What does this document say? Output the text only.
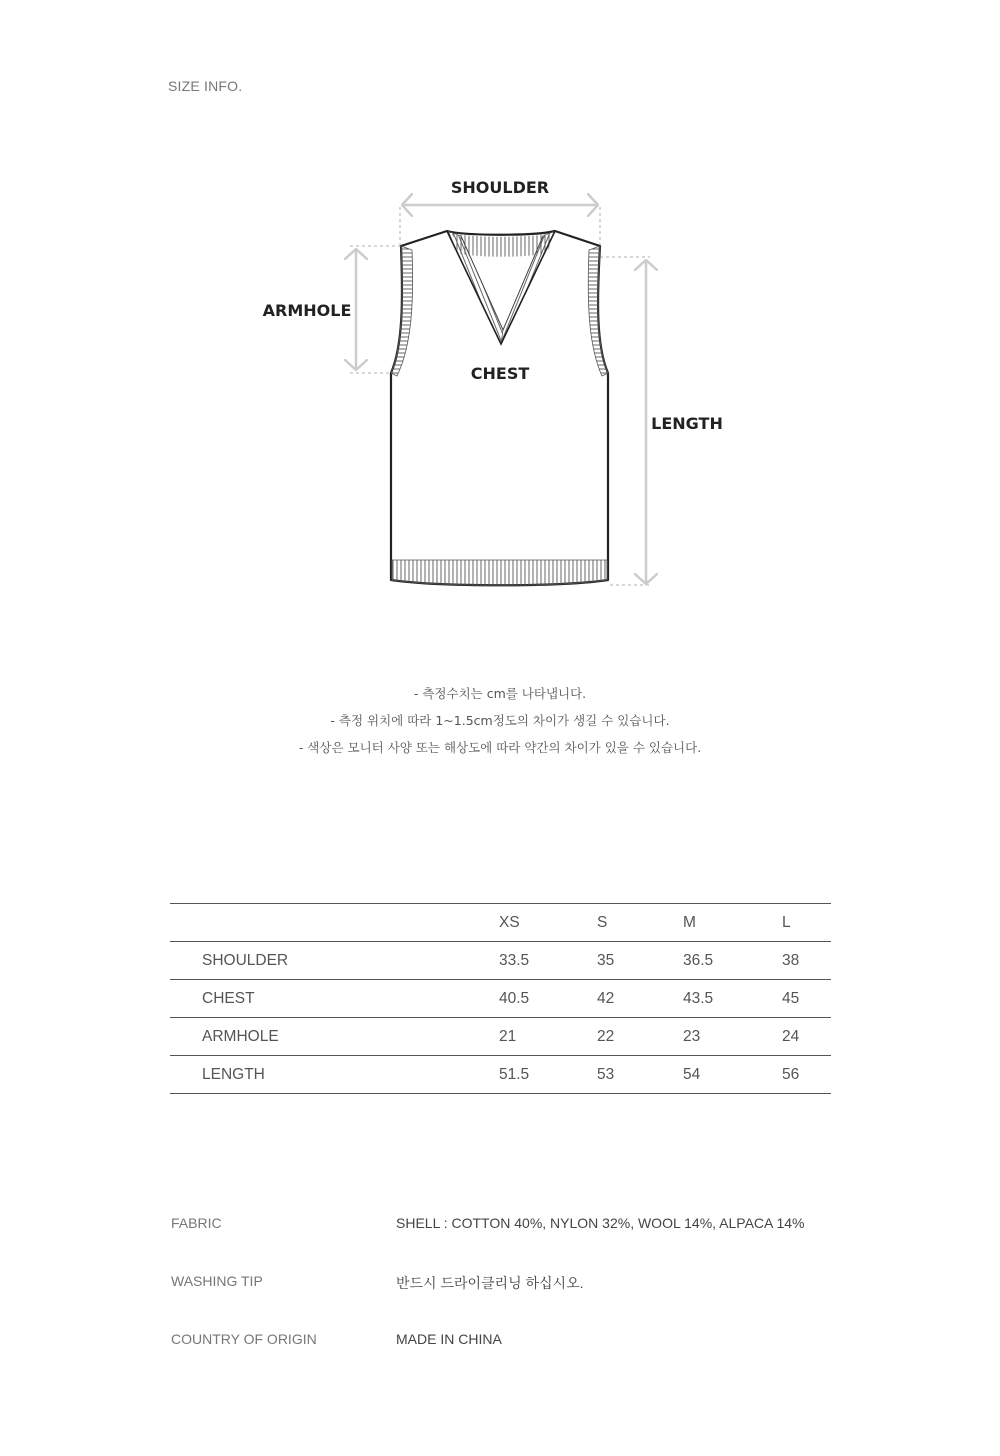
SIZE INFO.
SHOULDER
ARMHOLE
CHEST
LENGTH
- 측정수치는 cm를 나타냅니다.
- 측정 위치에 따라 1~1.5cm정도의 차이가 생길 수 있습니다.
- 색상은 모니터 사양 또는 해상도에 따라 약간의 차이가 있을 수 있습니다.
	XS	S	M	L
SHOULDER	33.5	35	36.5	38
CHEST	40.5	42	43.5	45
ARMHOLE	21	22	23	24
LENGTH	51.5	53	54	56
FABRIC	SHELL : COTTON 40%, NYLON 32%, WOOL 14%, ALPACA 14%
WASHING TIP	반드시 드라이클리닝 하십시오.
COUNTRY OF ORIGIN	MADE IN CHINA
